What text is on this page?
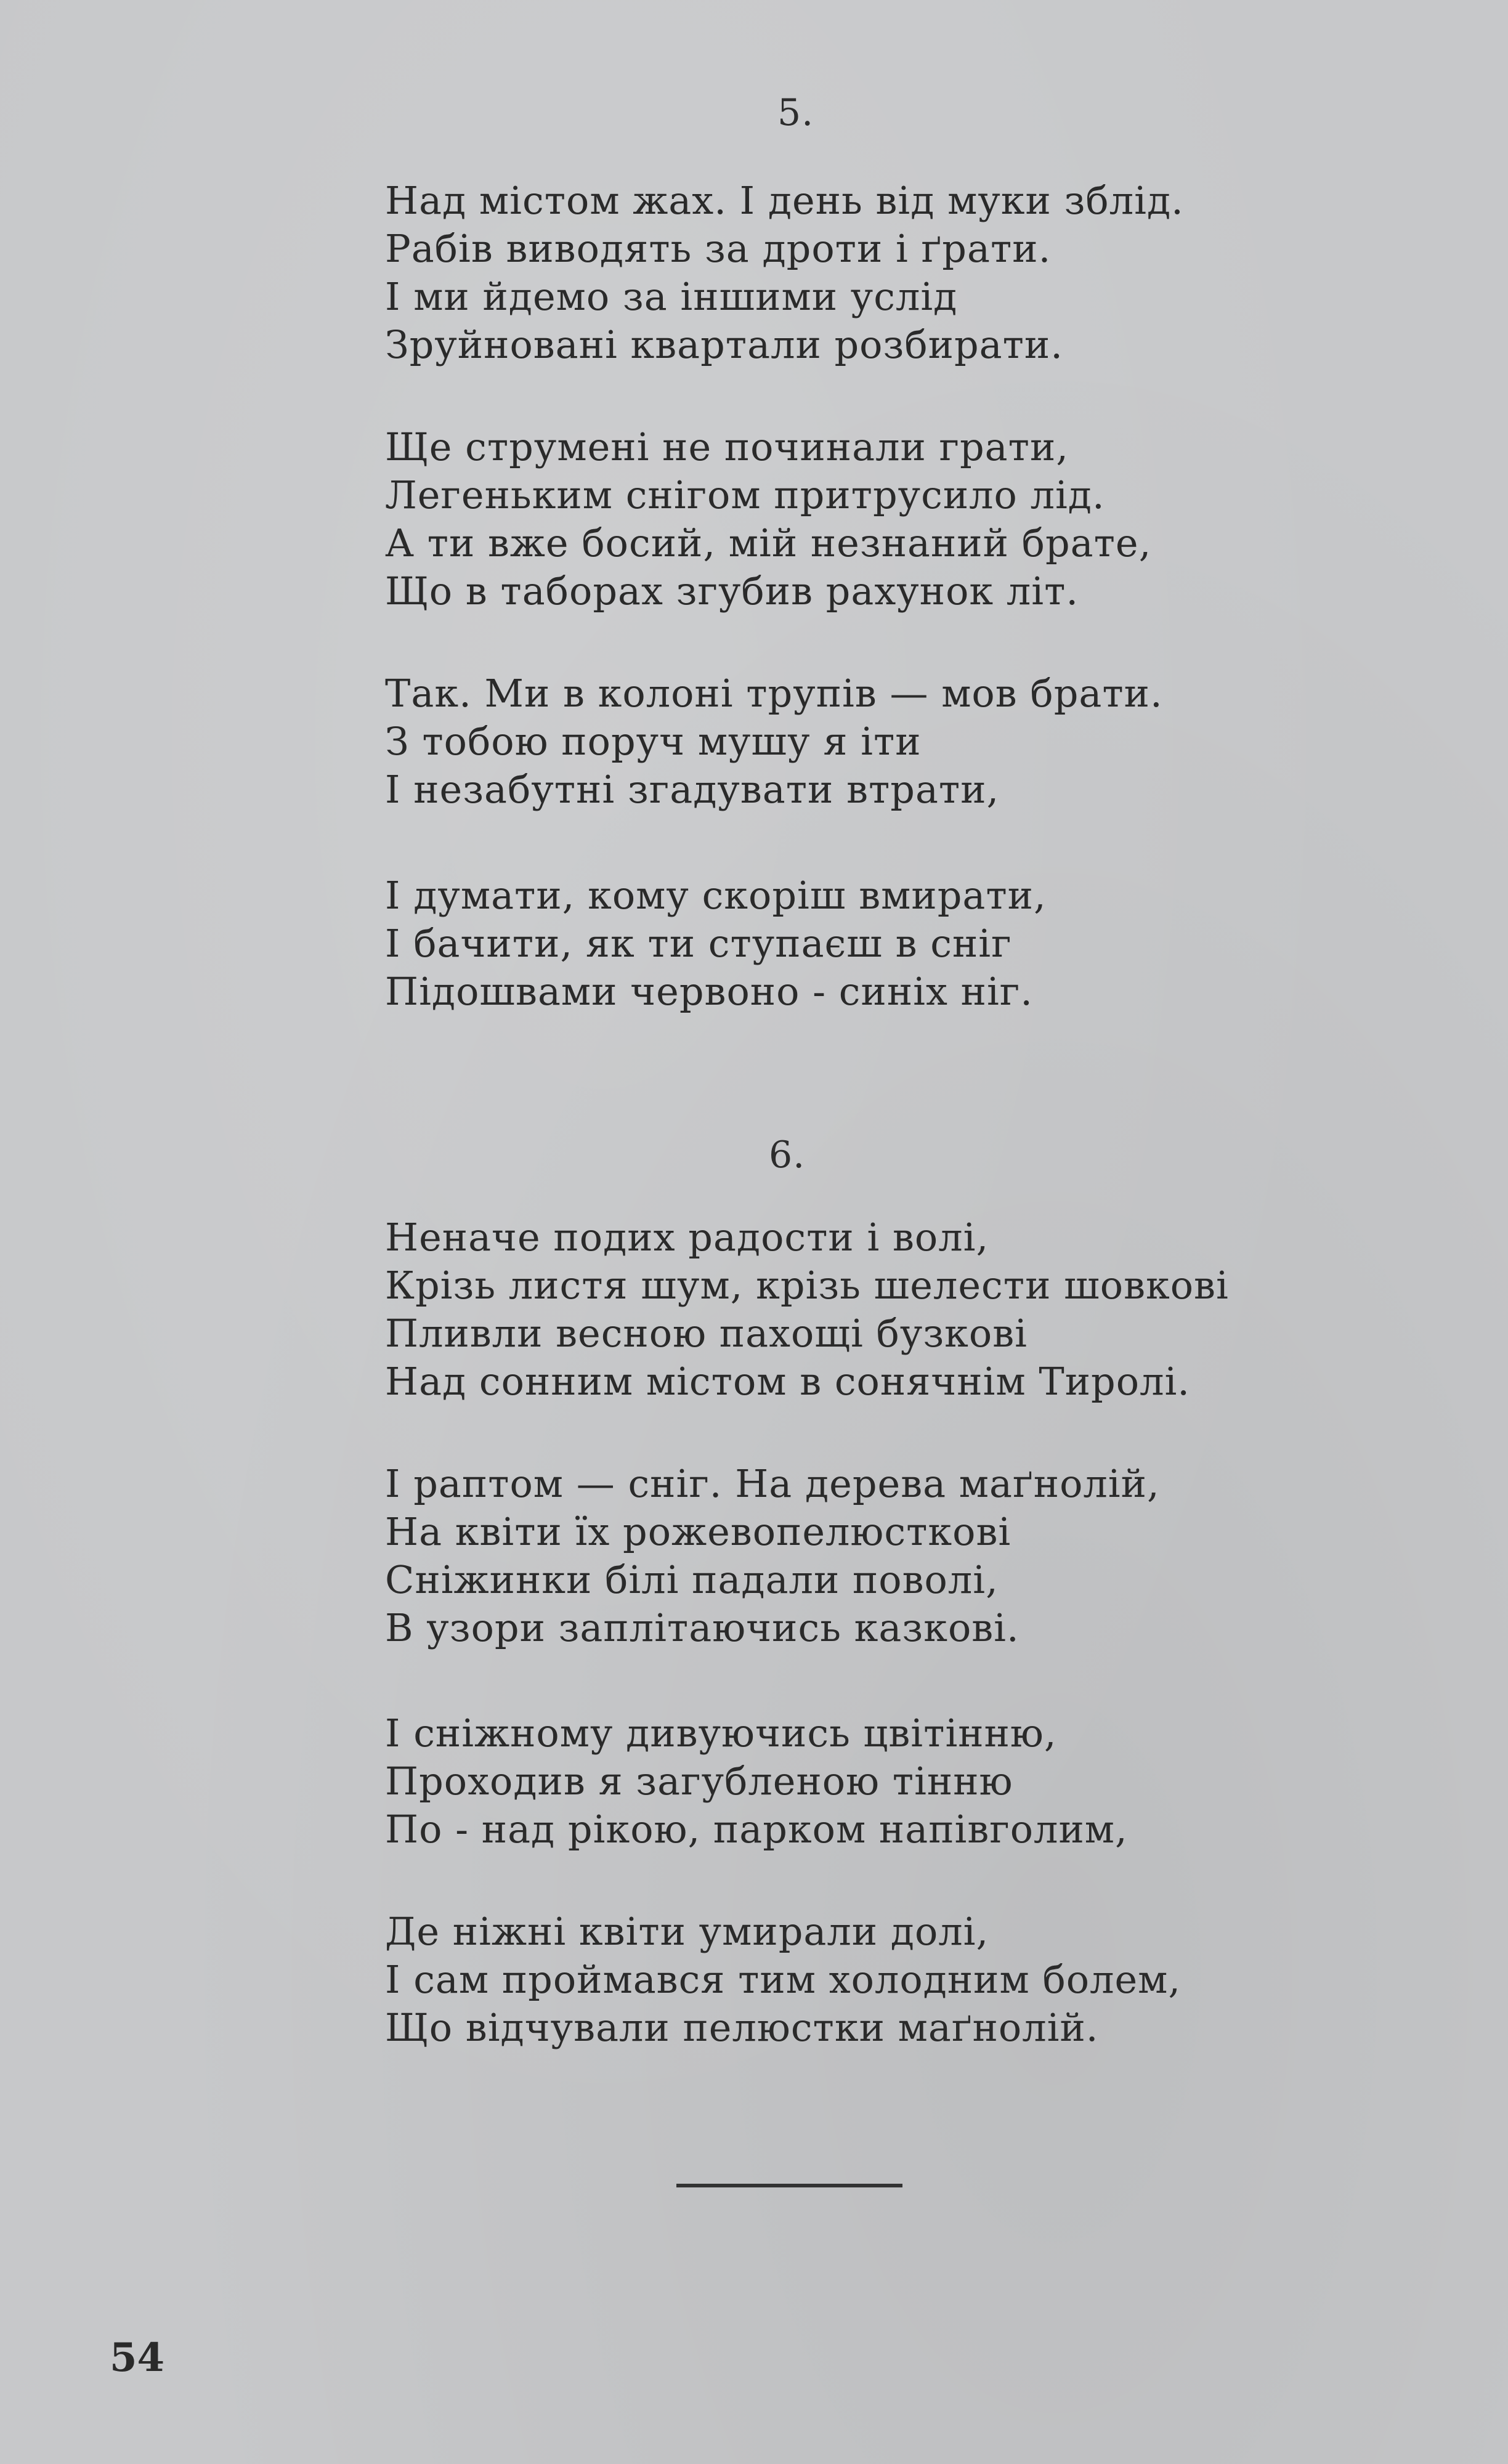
5.
Над містом жах. І день від муки зблід.
Рабів виводять за дроти і ґрати.
І ми йдемо за іншими услід
Зруйновані квартали розбирати.
Ще струмені не починали грати,
Легеньким снігом притрусило лід.
А ти вже босий, мій незнаний брате,
Що в таборах згубив рахунок літ.
Так. Ми в колоні трупів — мов брати.
З тобою поруч мушу я іти
І незабутні згадувати втрати,
І думати, кому скоріш вмирати,
І бачити, як ти ступаєш в сніг
Підошвами червоно - синіх ніг.
6.
Неначе подих радости і волі,
Крізь листя шум, крізь шелести шовкові
Пливли весною пахощі бузкові
Над сонним містом в сонячнім Тиролі.
І раптом — сніг. На дерева маґнолій,
На квіти їх рожевопелюсткові
Сніжинки білі падали поволі,
В узори заплітаючись казкові.
І сніжному дивуючись цвітінню,
Проходив я загубленою тінню
По - над рікою, парком напівголим,
Де ніжні квіти умирали долі,
І сам проймався тим холодним болем,
Що відчували пелюстки маґнолій.
54
